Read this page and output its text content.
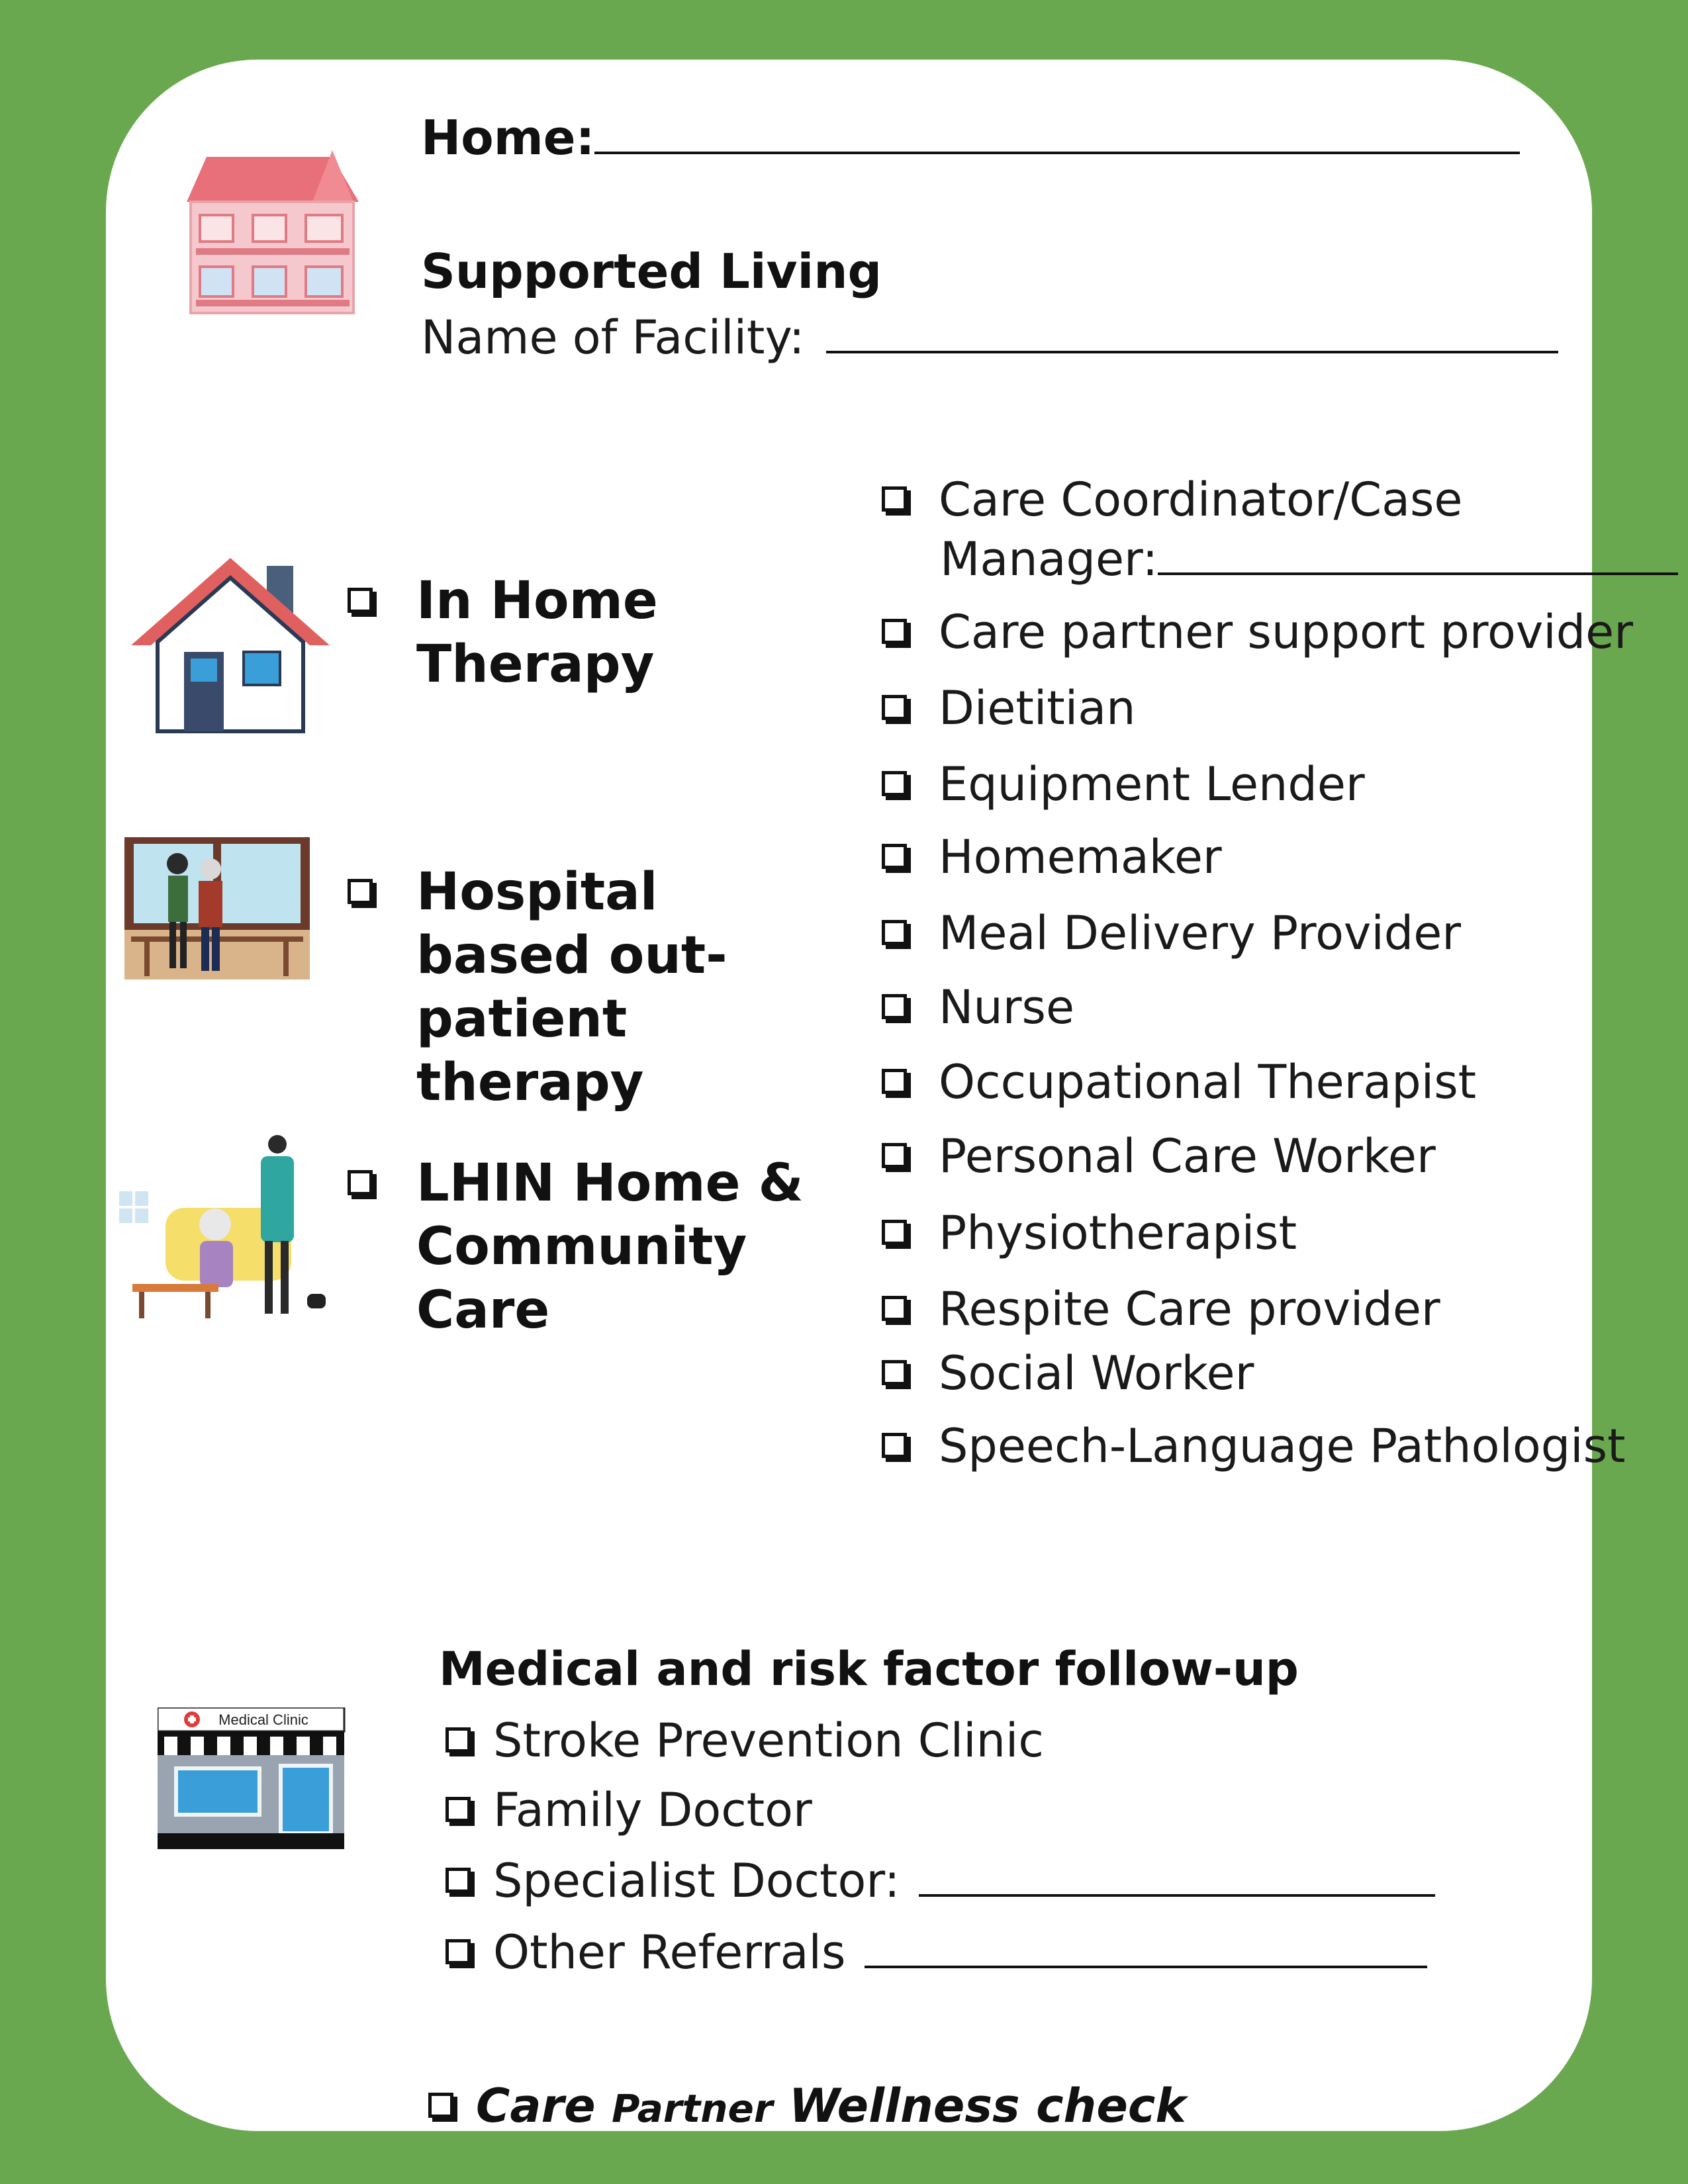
Home:
Supported Living
Name of Facility:
In Home
Therapy
Hospital
based out-
patient
therapy
LHIN Home &
Community
Care
Care Coordinator/Case
Manager:
Care partner support provider
Dietitian
Equipment Lender
Homemaker
Meal Delivery Provider
Nurse
Occupational Therapist
Personal Care Worker
Physiotherapist
Respite Care provider
Social Worker
Speech-Language Pathologist
Medical Clinic
Medical and risk factor follow-up
Stroke Prevention Clinic
Family Doctor
Specialist Doctor:
Other Referrals
Care Partner Wellness check
